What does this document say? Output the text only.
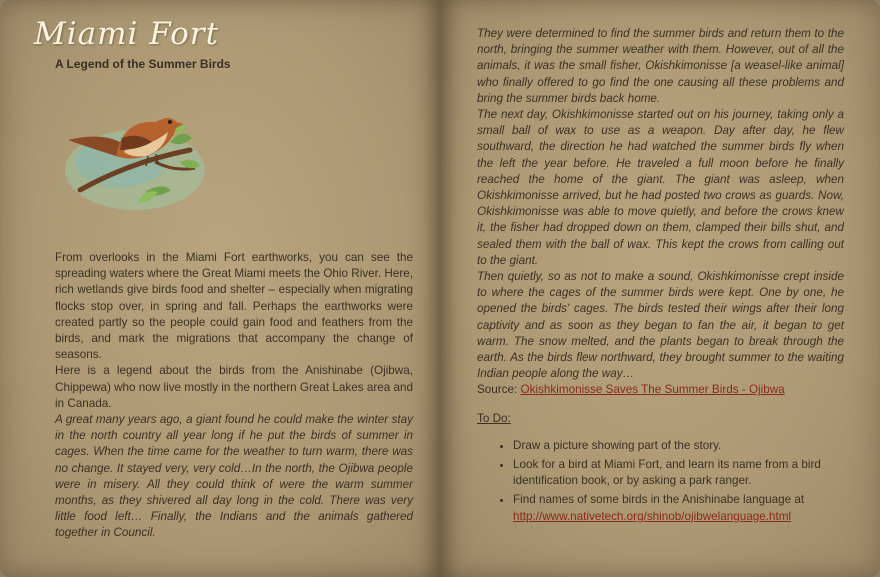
Miami Fort
A Legend of the Summer Birds

From overlooks in the Miami Fort earthworks, you can see the spreading waters where the Great Miami meets the Ohio River. Here, rich wetlands give birds food and shelter – especially when migrating flocks stop over, in spring and fall. Perhaps the earthworks were created partly so the people could gain food and feathers from the birds, and mark the migrations that accompany the change of seasons.

Here is a legend about the birds from the Anishinabe (Ojibwa, Chippewa) who now live mostly in the northern Great Lakes area and in Canada.

A great many years ago, a giant found he could make the winter stay in the north country all year long if he put the birds of summer in cages. When the time came for the weather to turn warm, there was no change. It stayed very, very cold…In the north, the Ojibwa people were in misery. All they could think of were the warm summer months, as they shivered all day long in the cold. There was very little food left… Finally, the Indians and the animals gathered together in Council.

They were determined to find the summer birds and return them to the north, bringing the summer weather with them. However, out of all the animals, it was the small fisher, Okishkimonisse [a weasel-like animal] who finally offered to go find the one causing all these problems and bring the summer birds back home.

The next day, Okishkimonisse started out on his journey, taking only a small ball of wax to use as a weapon. Day after day, he flew southward, the direction he had watched the summer birds fly when the left the year before. He traveled a full moon before he finally reached the home of the giant. The giant was asleep, when Okishkimonisse arrived, but he had posted two crows as guards. Now, Okishkimonisse was able to move quietly, and before the crows knew it, the fisher had dropped down on them, clamped their bills shut, and sealed them with the ball of wax. This kept the crows from calling out to the giant.

Then quietly, so as not to make a sound, Okishkimonisse crept inside to where the cages of the summer birds were kept. One by one, he opened the birds' cages. The birds tested their wings after their long captivity and as soon as they began to fan the air, it began to get warm. The snow melted, and the plants began to break through the earth. As the birds flew northward, they brought summer to the waiting Indian people along the way…

Source: Okishkimonisse Saves The Summer Birds - Ojibwa

To Do:

• Draw a picture showing part of the story.
• Look for a bird at Miami Fort, and learn its name from a bird identification book, or by asking a park ranger.
• Find names of some birds in the Anishinabe language at http://www.nativetech.org/shinob/ojibwelanguage.html
